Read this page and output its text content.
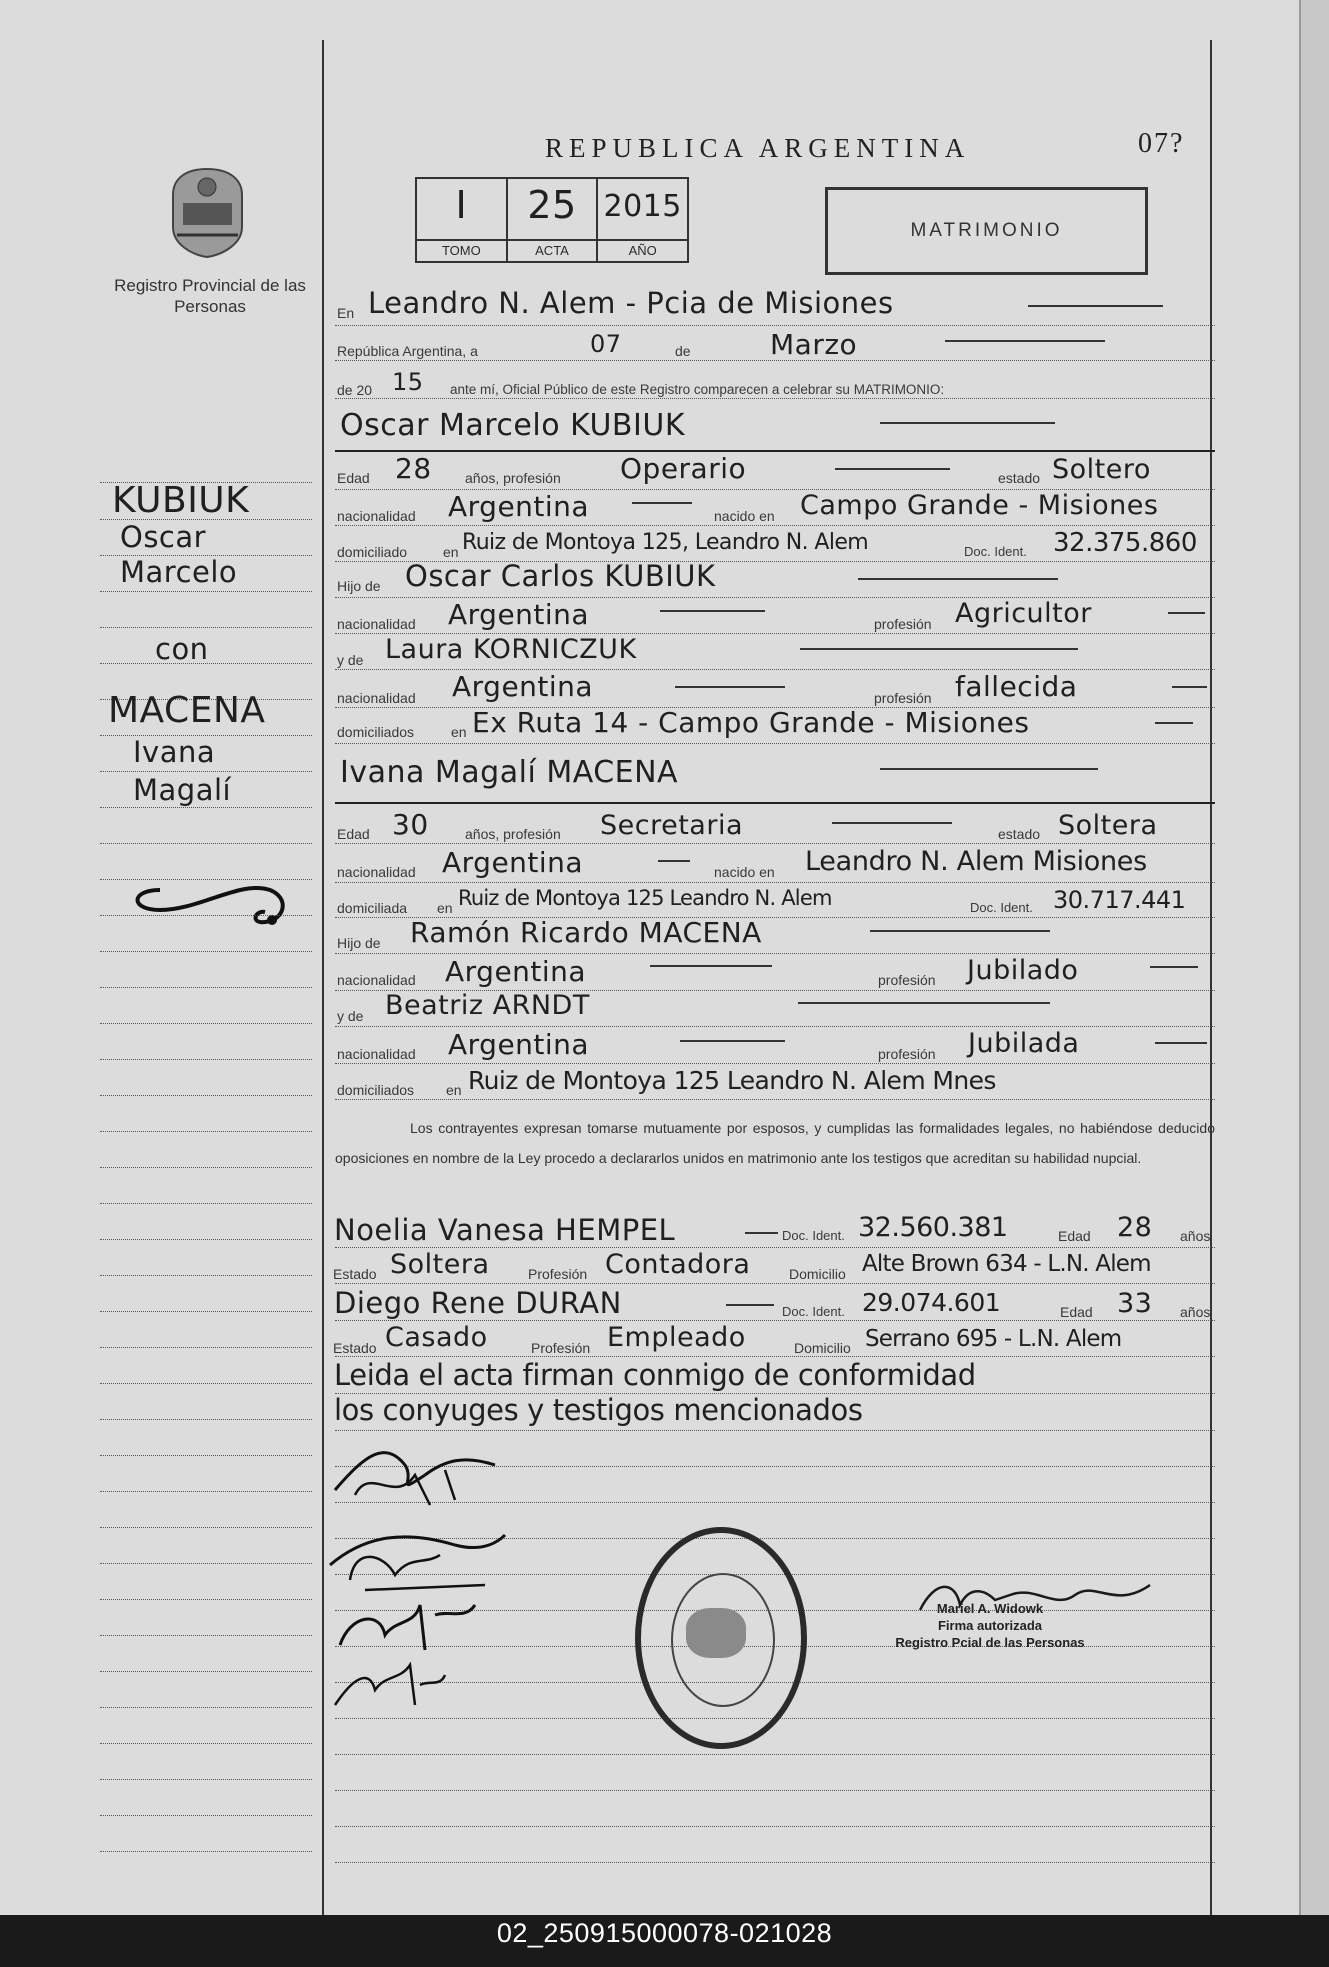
Registro Provincial de las Personas
REPUBLICA ARGENTINA	07?
I
TOMO
25
ACTA
2015
AÑO
MATRIMONIO
En Leandro N. Alem - Pcia de Misiones
República Argentina, a	07	de	Marzo
de 20 15 ante mí, Oficial Público de este Registro comparecen a celebrar su MATRIMONIO:
Oscar Marcelo KUBIUK
Edad 28 años, profesión Operario	estado Soltero
nacionalidad Argentina	nacido en Campo Grande - Misiones
domiciliado	en Ruiz de Montoya 125, Leandro N. Alem	Doc. Ident. 32.375.860
Hijo de Oscar Carlos KUBIUK
nacionalidad Argentina	profesión Agricultor
y de Laura KORNICZUK
nacionalidad Argentina	profesión fallecida
domiciliados	en Ex Ruta 14 - Campo Grande - Misiones
Ivana Magalí MACENA
Edad 30	años, profesión Secretaria	estado Soltera
nacionalidad Argentina	nacido en Leandro N. Alem Misiones
domiciliada en Ruiz de Montoya 125 Leandro N. Alem	Doc. Ident. 30.717.441
Hijo de Ramón Ricardo MACENA
nacionalidad Argentina	profesión Jubilado
y de Beatriz ARNDT
nacionalidad Argentina	profesión Jubilada
domiciliados en Ruiz de Montoya 125 Leandro N. Alem Mnes
Los contrayentes expresan tomarse mutuamente por esposos, y cumplidas las formalidades legales, no habiéndose deducido oposiciones en nombre de la Ley procedo a declararlos unidos en matrimonio ante los testigos que acreditan su habilidad nupcial.
Noelia Vanesa HEMPEL	Doc. Ident. 32.560.381	Edad 28 años
Estado Soltera	Profesión Contadora	Domicilio Alte Brown 634 - L.N. Alem
Diego Rene DURAN	Doc. Ident. 29.074.601	Edad 33 años
Estado Casado	Profesión Empleado	Domicilio Serrano 695 - L.N. Alem
Leida el acta firman conmigo de conformidad
los conyuges y testigos mencionados
Mariel A. Widowk
Firma autorizada
Registro Pcial de las Personas
KUBIUK
Oscar
Marcelo
con
MACENA
Ivana
Magalí
02_250915000078-021028
